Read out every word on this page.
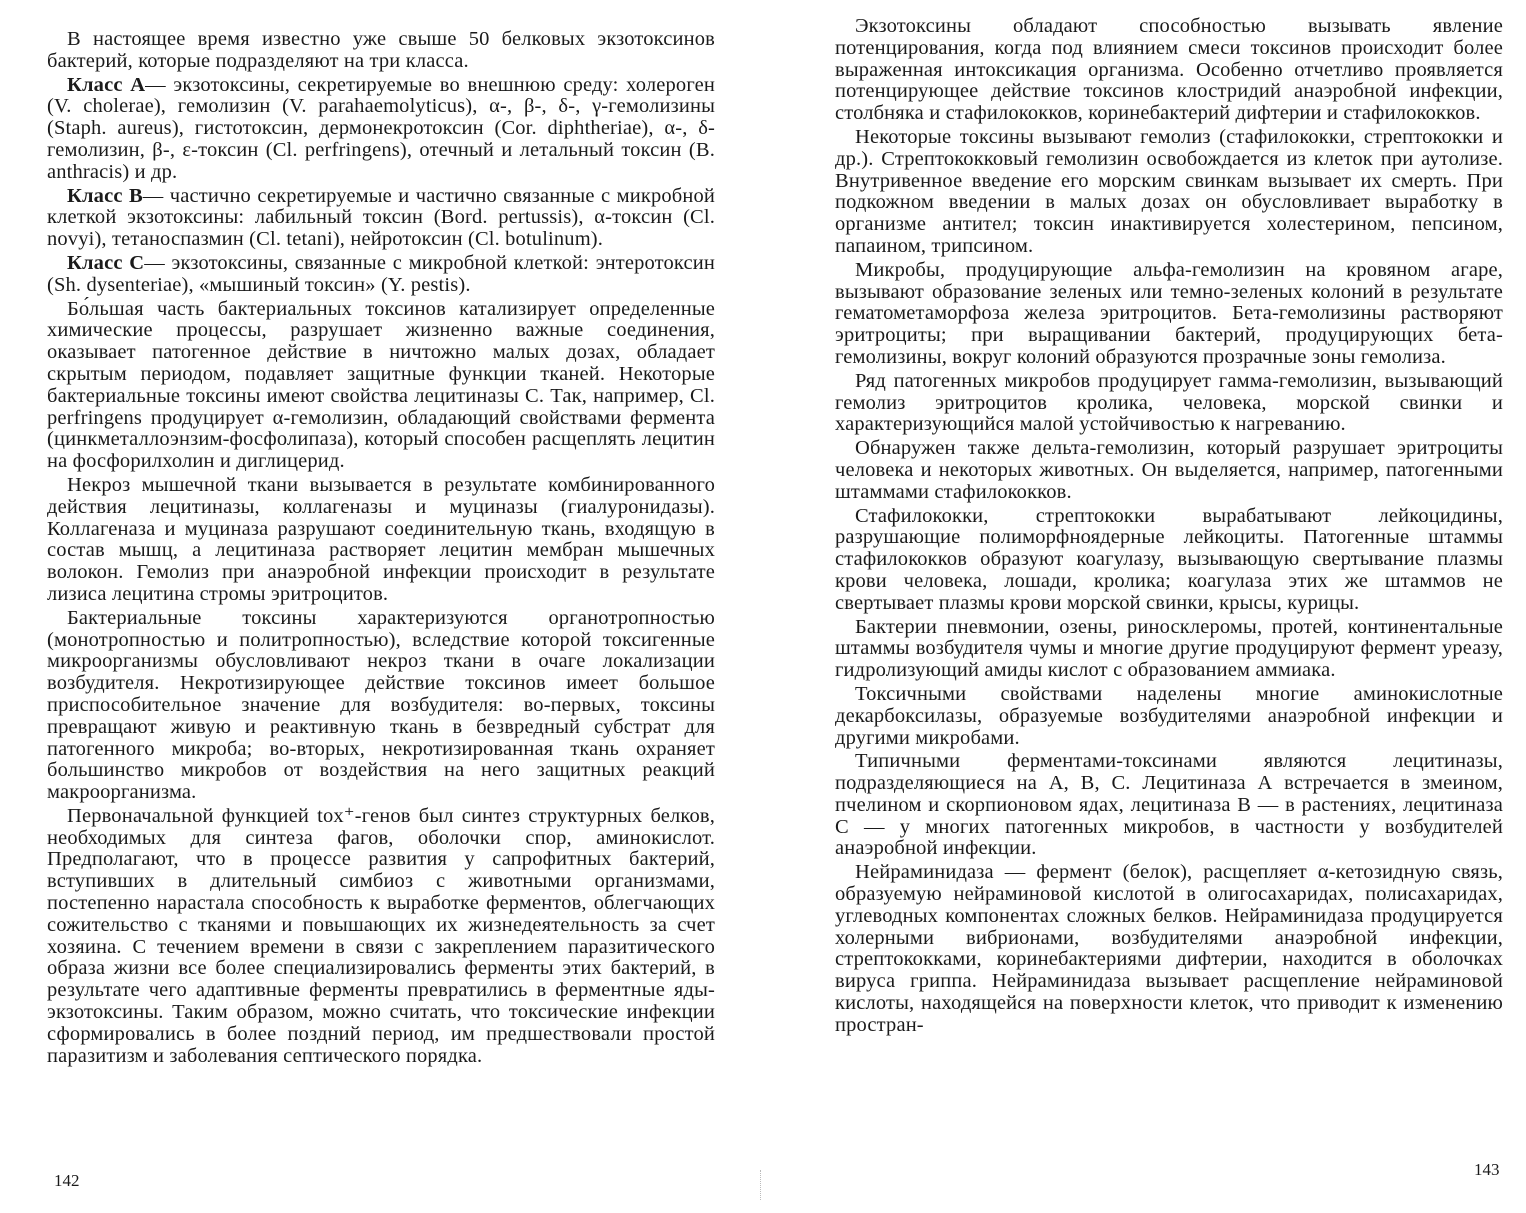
В настоящее время известно уже свыше 50 белковых экзотоксинов бактерий, которые подразделяют на три класса.

Класс А— экзотоксины, секретируемые во внешнюю среду: холероген (V. cholerae), гемолизин (V. parahaemolyticus), α-, β-, δ-, γ-гемолизины (Staph. aureus), гистотоксин, дермонекротоксин (Cor. diphtheriae), α-, δ-гемолизин, β-, ε-токсин (Cl. perfringens), отечный и летальный токсин (B. anthracis) и др.

Класс В— частично секретируемые и частично связанные с микробной клеткой экзотоксины: лабильный токсин (Bord. pertussis), α-токсин (Cl. novyi), тетаноспазмин (Cl. tetani), нейротоксин (Cl. botulinum).

Класс С— экзотоксины, связанные с микробной клеткой: энтеротоксин (Sh. dysenteriae), «мышиный токсин» (Y. pestis).

Бо́льшая часть бактериальных токсинов катализирует определенные химические процессы, разрушает жизненно важные соединения, оказывает патогенное действие в ничтожно малых дозах, обладает скрытым периодом, подавляет защитные функции тканей. Некоторые бактериальные токсины имеют свойства лецитиназы С. Так, например, Cl. perfringens продуцирует α-гемолизин, обладающий свойствами фермента (цинкметаллоэнзим-фосфолипаза), который способен расщеплять лецитин на фосфорилхолин и диглицерид.

Некроз мышечной ткани вызывается в результате комбинированного действия лецитиназы, коллагеназы и муциназы (гиалуронидазы). Коллагеназа и муциназа разрушают соединительную ткань, входящую в состав мышц, а лецитиназа растворяет лецитин мембран мышечных волокон. Гемолиз при анаэробной инфекции происходит в результате лизиса лецитина стромы эритроцитов.

Бактериальные токсины характеризуются органотропностью (монотропностью и политропностью), вследствие которой токсигенные микроорганизмы обусловливают некроз ткани в очаге локализации возбудителя. Некротизирующее действие токсинов имеет большое приспособительное значение для возбудителя: во-первых, токсины превращают живую и реактивную ткань в безвредный субстрат для патогенного микроба; во-вторых, некротизированная ткань охраняет большинство микробов от воздействия на него защитных реакций макроорганизма.

Первоначальной функцией tox⁺-генов был синтез структурных белков, необходимых для синтеза фагов, оболочки спор, аминокислот. Предполагают, что в процессе развития у сапрофитных бактерий, вступивших в длительный симбиоз с животными организмами, постепенно нарастала способность к выработке ферментов, облегчающих сожительство с тканями и повышающих их жизнедеятельность за счет хозяина. С течением времени в связи с закреплением паразитического образа жизни все более специализировались ферменты этих бактерий, в результате чего адаптивные ферменты превратились в ферментные яды-экзотоксины. Таким образом, можно считать, что токсические инфекции сформировались в более поздний период, им предшествовали простой паразитизм и заболевания септического порядка.

142

Экзотоксины обладают способностью вызывать явление потенцирования, когда под влиянием смеси токсинов происходит более выраженная интоксикация организма. Особенно отчетливо проявляется потенцирующее действие токсинов клостридий анаэробной инфекции, столбняка и стафилококков, коринебактерий дифтерии и стафилококков.

Некоторые токсины вызывают гемолиз (стафилококки, стрептококки и др.). Стрептококковый гемолизин освобождается из клеток при аутолизе. Внутривенное введение его морским свинкам вызывает их смерть. При подкожном введении в малых дозах он обусловливает выработку в организме антител; токсин инактивируется холестерином, пепсином, папаином, трипсином.

Микробы, продуцирующие альфа-гемолизин на кровяном агаре, вызывают образование зеленых или темно-зеленых колоний в результате гематометаморфоза железа эритроцитов. Бета-гемолизины растворяют эритроциты; при выращивании бактерий, продуцирующих бета-гемолизины, вокруг колоний образуются прозрачные зоны гемолиза.

Ряд патогенных микробов продуцирует гамма-гемолизин, вызывающий гемолиз эритроцитов кролика, человека, морской свинки и характеризующийся малой устойчивостью к нагреванию.

Обнаружен также дельта-гемолизин, который разрушает эритроциты человека и некоторых животных. Он выделяется, например, патогенными штаммами стафилококков.

Стафилококки, стрептококки вырабатывают лейкоцидины, разрушающие полиморфноядерные лейкоциты. Патогенные штаммы стафилококков образуют коагулазу, вызывающую свертывание плазмы крови человека, лошади, кролика; коагулаза этих же штаммов не свертывает плазмы крови морской свинки, крысы, курицы.

Бактерии пневмонии, озены, риносклеромы, протей, континентальные штаммы возбудителя чумы и многие другие продуцируют фермент уреазу, гидролизующий амиды кислот с образованием аммиака.

Токсичными свойствами наделены многие аминокислотные декарбоксилазы, образуемые возбудителями анаэробной инфекции и другими микробами.

Типичными ферментами-токсинами являются лецитиназы, подразделяющиеся на А, В, С. Лецитиназа А встречается в змеином, пчелином и скорпионовом ядах, лецитиназа В — в растениях, лецитиназа С — у многих патогенных микробов, в частности у возбудителей анаэробной инфекции.

Нейраминидаза — фермент (белок), расщепляет α-кетозидную связь, образуемую нейраминовой кислотой в олигосахаридах, полисахаридах, углеводных компонентах сложных белков. Нейраминидаза продуцируется холерными вибрионами, возбудителями анаэробной инфекции, стрептококками, коринебактериями дифтерии, находится в оболочках вируса гриппа. Нейраминидаза вызывает расщепление нейраминовой кислоты, находящейся на поверхности клеток, что приводит к изменению простран-

143
